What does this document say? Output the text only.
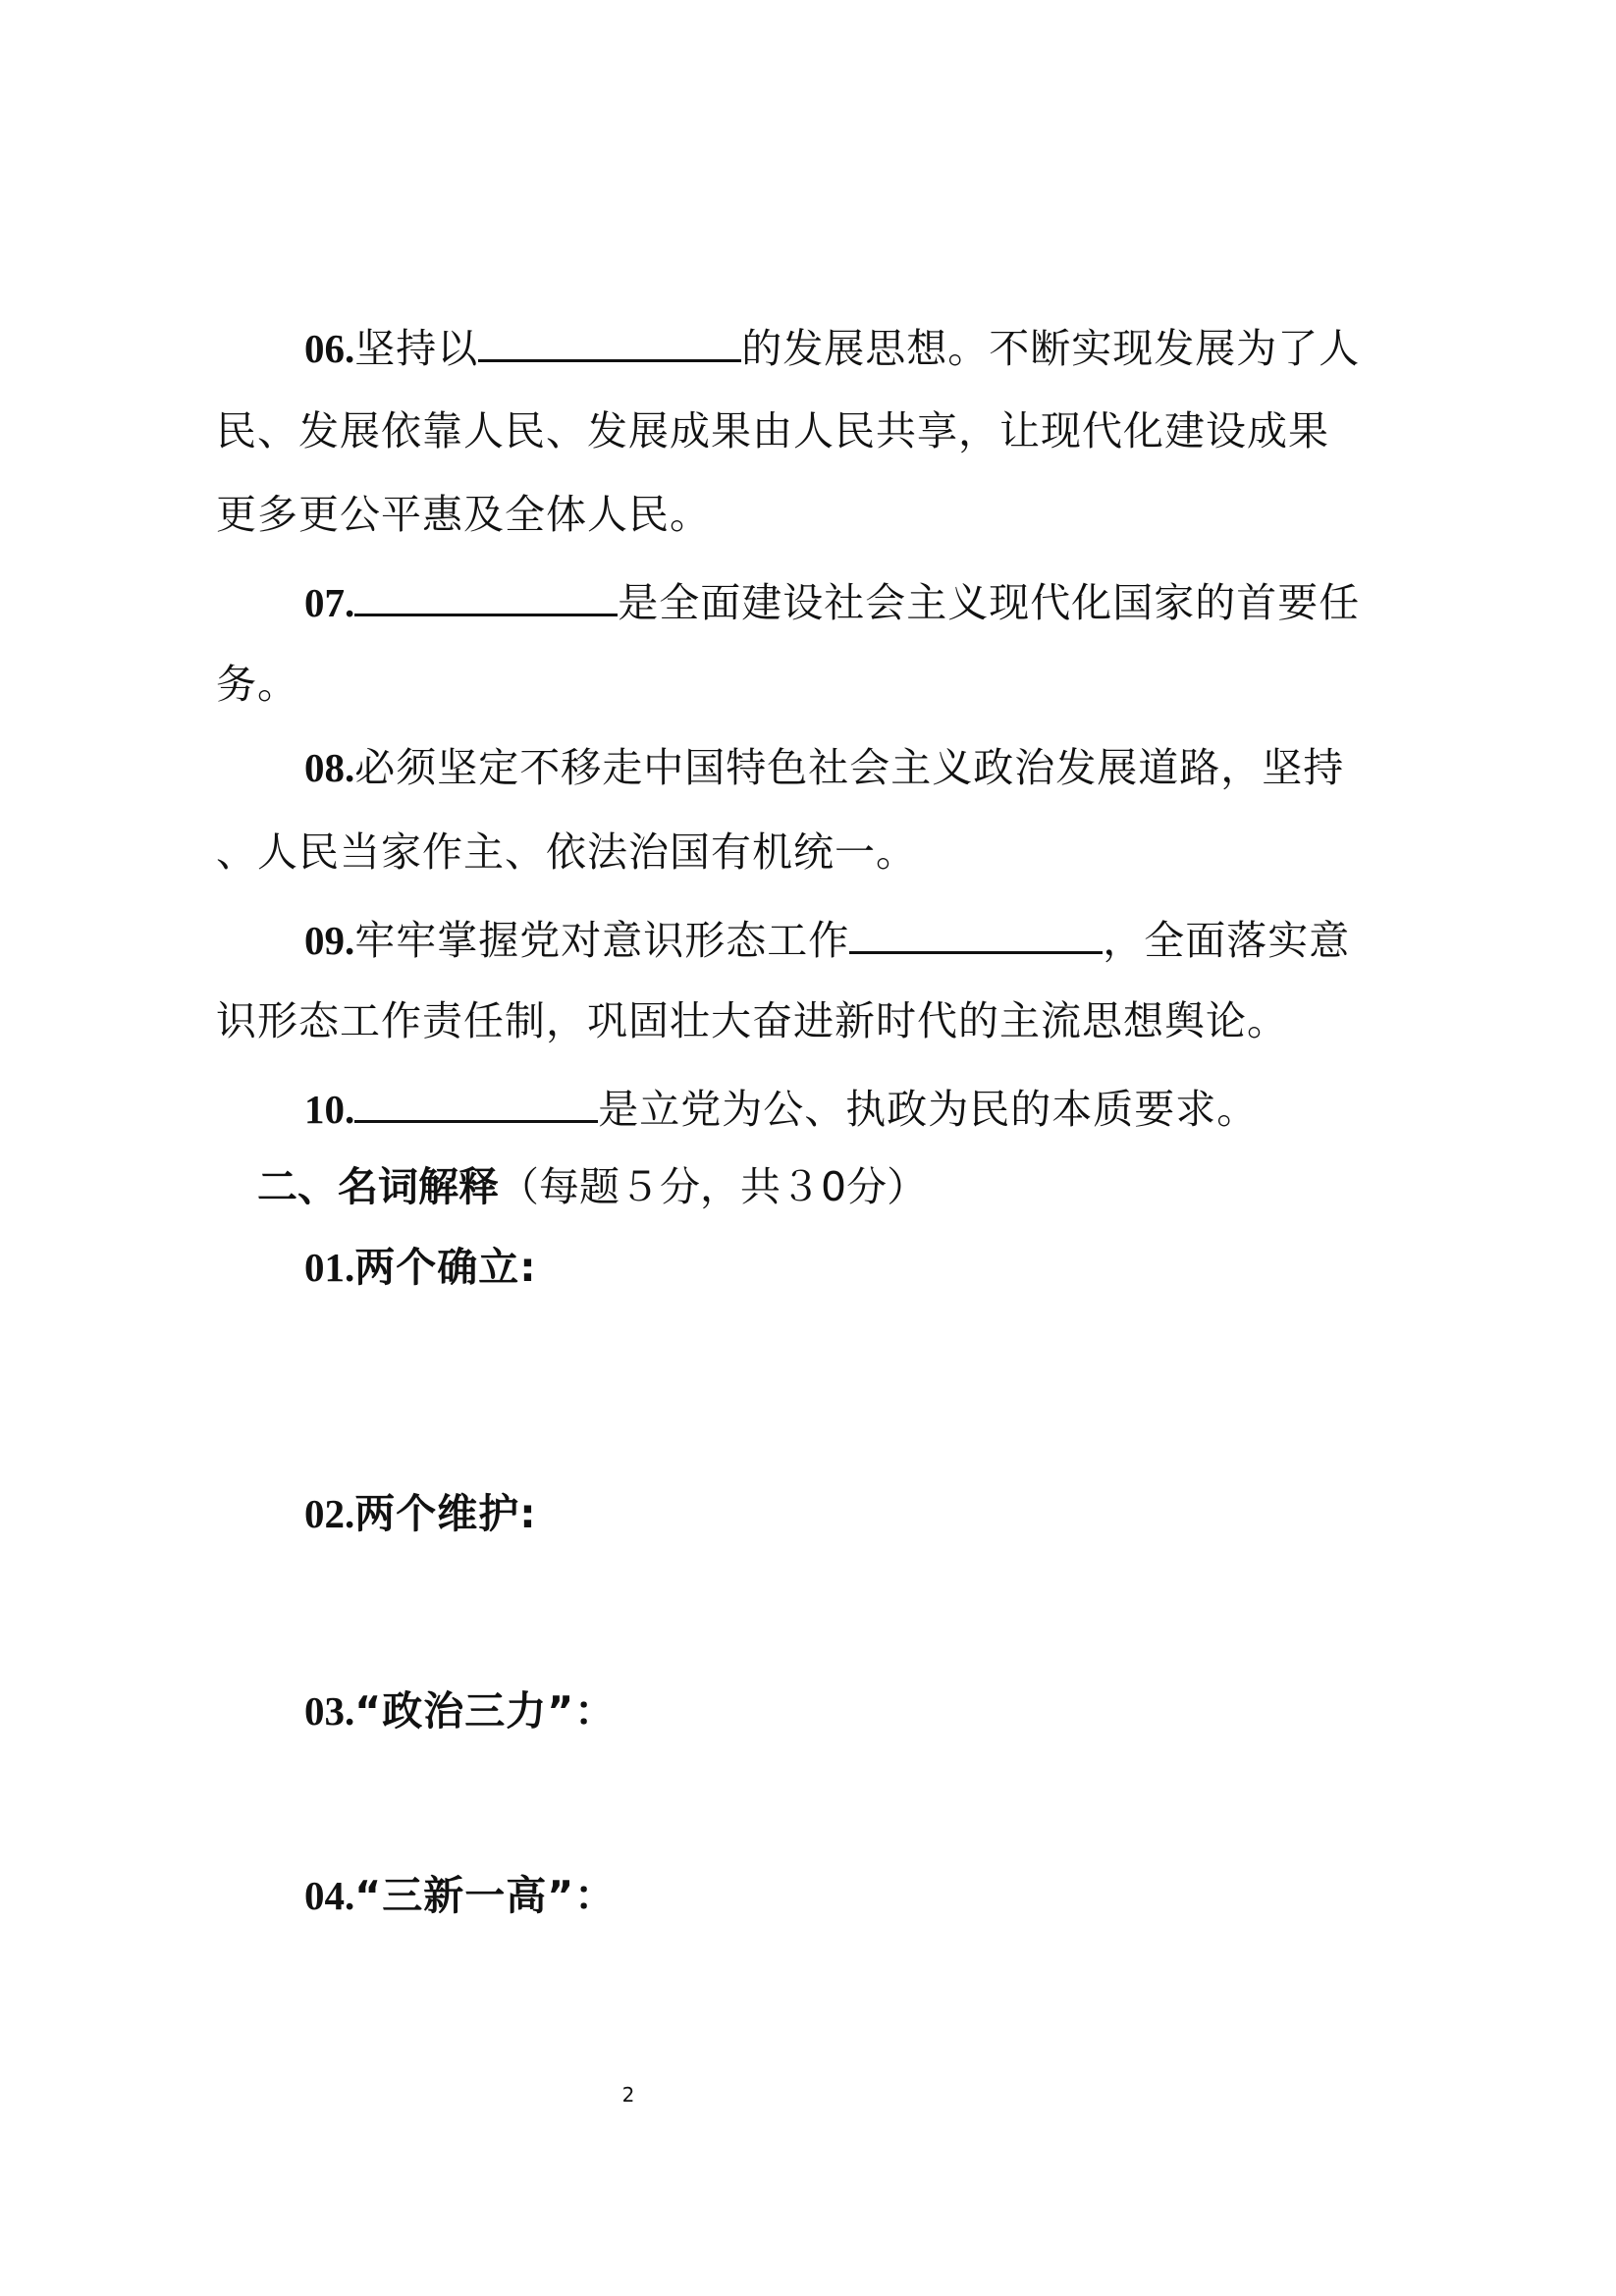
06.坚持以	的发展思想。不断实现发展为了人
民、发展依靠人民、发展成果由人民共享，让现代化建设成果
更多更公平惠及全体人民。
07.	是全面建设社会主义现代化国家的首要任
务。
08.必须坚定不移走中国特色社会主义政治发展道路，坚持
、人民当家作主、依法治国有机统一。
09.牢牢掌握党对意识形态工作	，全面落实意
识形态工作责任制，巩固壮大奋进新时代的主流思想舆论。
10.	是立党为公、执政为民的本质要求。
二、名词解释（每题５分，共３0分）
01.两个确立:
02.两个维护:
03.“政治三力”：
04.“三新一高”：
2
